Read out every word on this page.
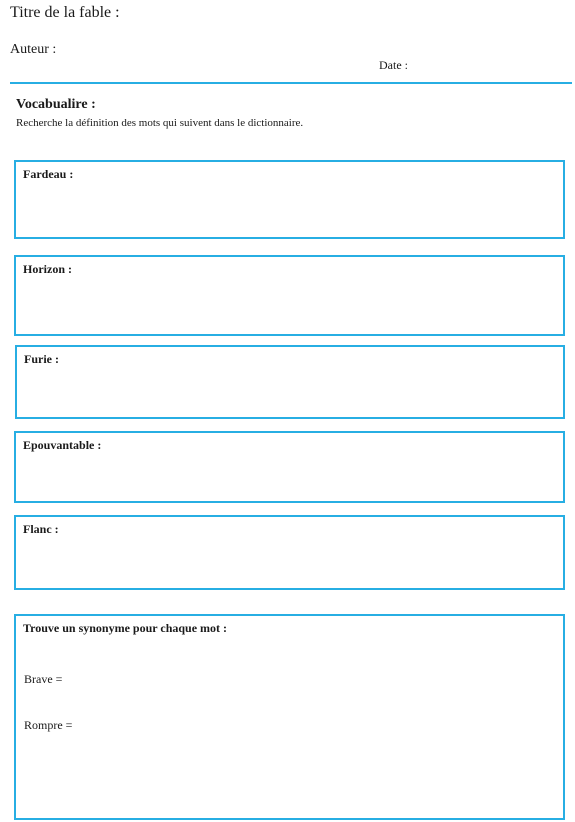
Titre de la fable :
Auteur :
Date :
Vocabualire :
Recherche la définition des mots qui suivent dans le dictionnaire.
Fardeau :
Horizon :
Furie :
Epouvantable :
Flanc :
Trouve un synonyme pour chaque mot :
Brave =
Rompre =
